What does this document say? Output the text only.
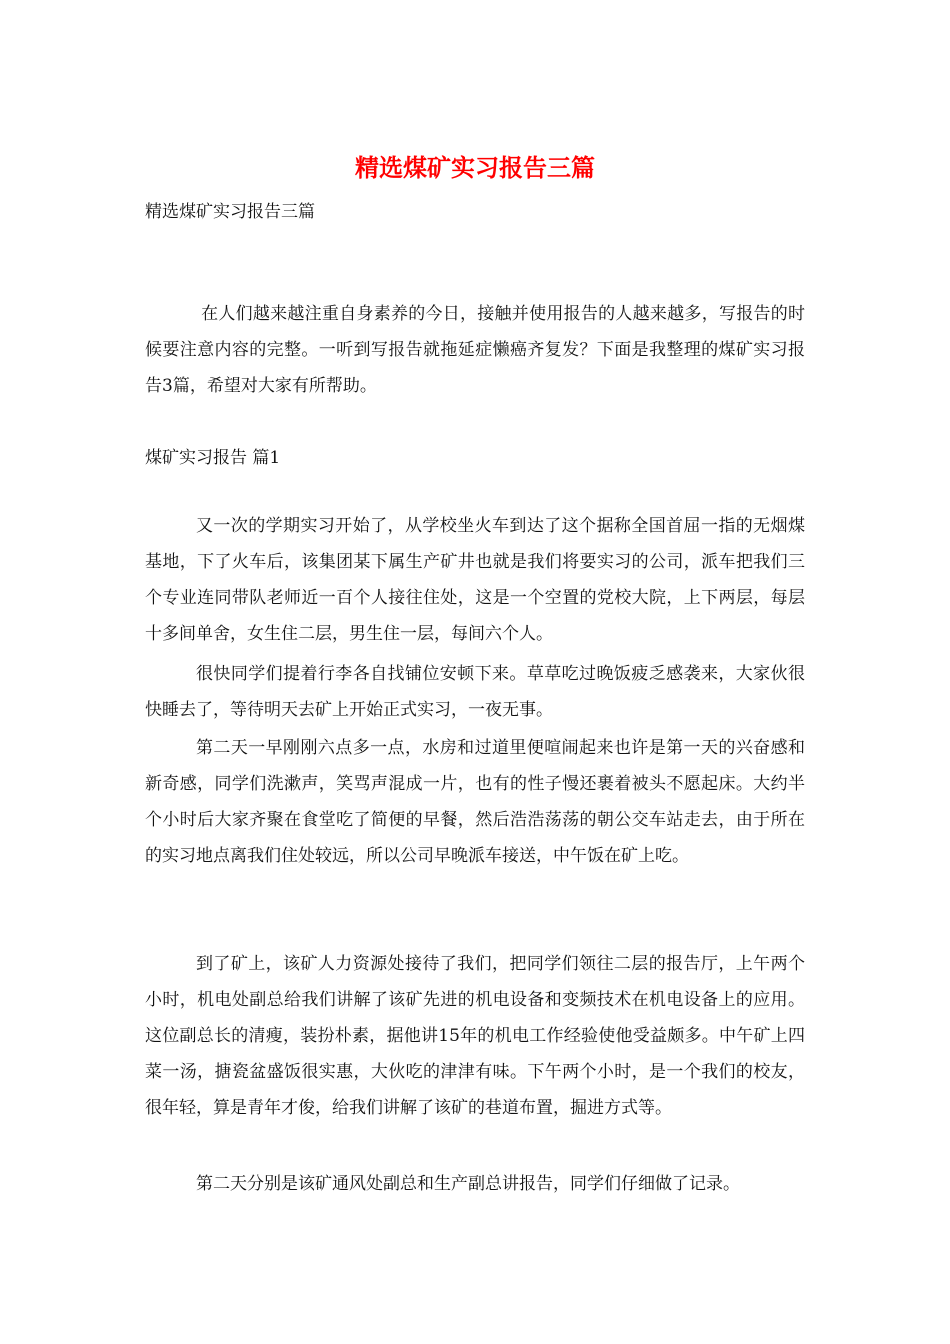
精选煤矿实习报告三篇

精选煤矿实习报告三篇

在人们越来越注重自身素养的今日，接触并使用报告的人越来越多，写报告的时候要注意内容的完整。一听到写报告就拖延症懒癌齐复发？下面是我整理的煤矿实习报告3篇，希望对大家有所帮助。

煤矿实习报告 篇1

又一次的学期实习开始了，从学校坐火车到达了这个据称全国首屈一指的无烟煤基地，下了火车后，该集团某下属生产矿井也就是我们将要实习的公司，派车把我们三个专业连同带队老师近一百个人接往住处，这是一个空置的党校大院，上下两层，每层十多间单舍，女生住二层，男生住一层，每间六个人。

很快同学们提着行李各自找铺位安顿下来。草草吃过晚饭疲乏感袭来，大家伙很快睡去了，等待明天去矿上开始正式实习，一夜无事。

第二天一早刚刚六点多一点，水房和过道里便喧闹起来也许是第一天的兴奋感和新奇感，同学们洗漱声，笑骂声混成一片，也有的性子慢还裹着被头不愿起床。大约半个小时后大家齐聚在食堂吃了简便的早餐，然后浩浩荡荡的朝公交车站走去，由于所在的实习地点离我们住处较远，所以公司早晚派车接送，中午饭在矿上吃。

到了矿上，该矿人力资源处接待了我们，把同学们领往二层的报告厅，上午两个小时，机电处副总给我们讲解了该矿先进的机电设备和变频技术在机电设备上的应用。这位副总长的清瘦，装扮朴素，据他讲15年的机电工作经验使他受益颇多。中午矿上四菜一汤，搪瓷盆盛饭很实惠，大伙吃的津津有味。下午两个小时，是一个我们的校友，很年轻，算是青年才俊，给我们讲解了该矿的巷道布置，掘进方式等。

第二天分别是该矿通风处副总和生产副总讲报告，同学们仔细做了记录。
